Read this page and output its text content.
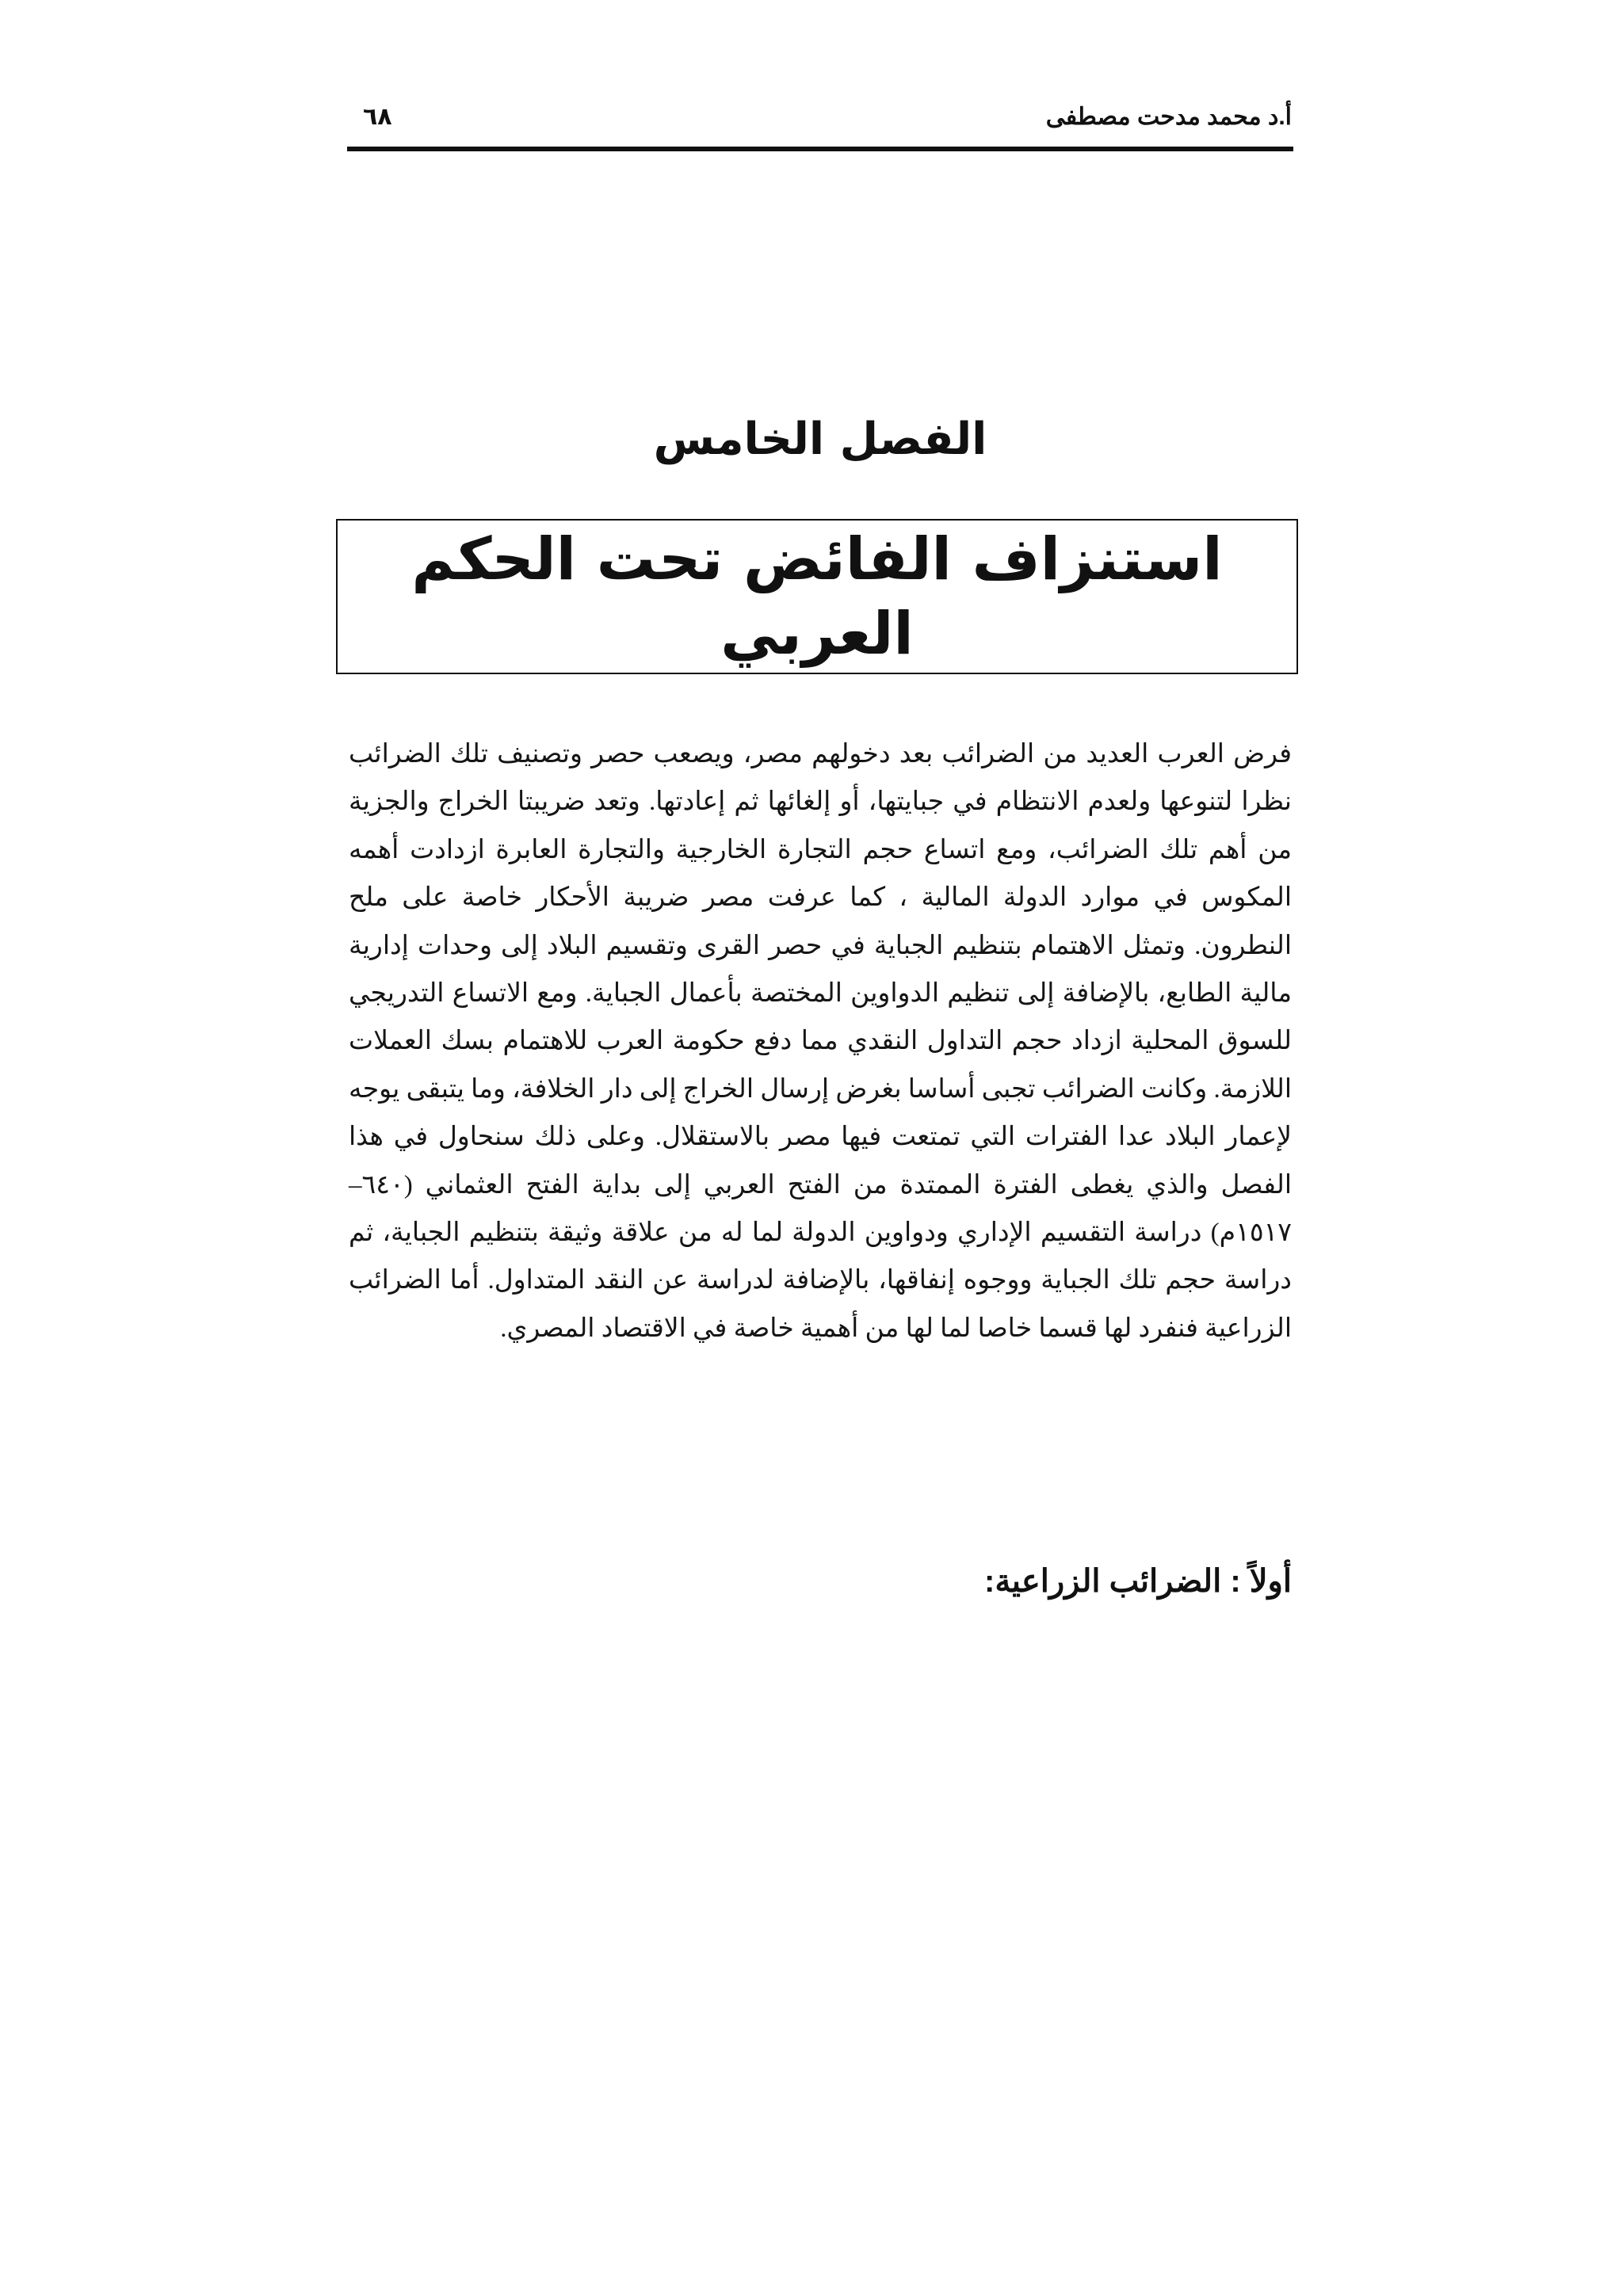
أ.د محمد مدحت مصطفى
٦٨
الفصل الخامس
استنزاف الفائض تحت الحكم العربي

فرض العرب العديد من الضرائب بعد دخولهم مصر، ويصعب حصر وتصنيف تلك الضرائب نظرا لتنوعها ولعدم الانتظام في جبايتها، أو إلغائها ثم إعادتها. وتعد ضريبتا الخراج والجزية من أهم تلك الضرائب، ومع اتساع حجم التجارة الخارجية والتجارة العابرة ازدادت أهمه المكوس في موارد الدولة المالية ، كما عرفت مصر ضريبة الأحكار خاصة على ملح النطرون. وتمثل الاهتمام بتنظيم الجباية في حصر القرى وتقسيم البلاد إلى وحدات إدارية مالية الطابع، بالإضافة إلى تنظيم الدواوين المختصة بأعمال الجباية. ومع الاتساع التدريجي للسوق المحلية ازداد حجم التداول النقدي مما دفع حكومة العرب للاهتمام بسك العملات اللازمة. وكانت الضرائب تجبى أساسا بغرض إرسال الخراج إلى دار الخلافة، وما يتبقى يوجه لإعمار البلاد عدا الفترات التي تمتعت فيها مصر بالاستقلال. وعلى ذلك سنحاول في هذا الفصل والذي يغطى الفترة الممتدة من الفتح العربي إلى بداية الفتح العثماني (٦٤٠– ١٥١٧م) دراسة التقسيم الإداري ودواوين الدولة لما له من علاقة وثيقة بتنظيم الجباية، ثم دراسة حجم تلك الجباية ووجوه إنفاقها، بالإضافة لدراسة عن النقد المتداول. أما الضرائب الزراعية فنفرد لها قسما خاصا لما لها من أهمية خاصة في الاقتصاد المصري.

أولاً : الضرائب الزراعية:
